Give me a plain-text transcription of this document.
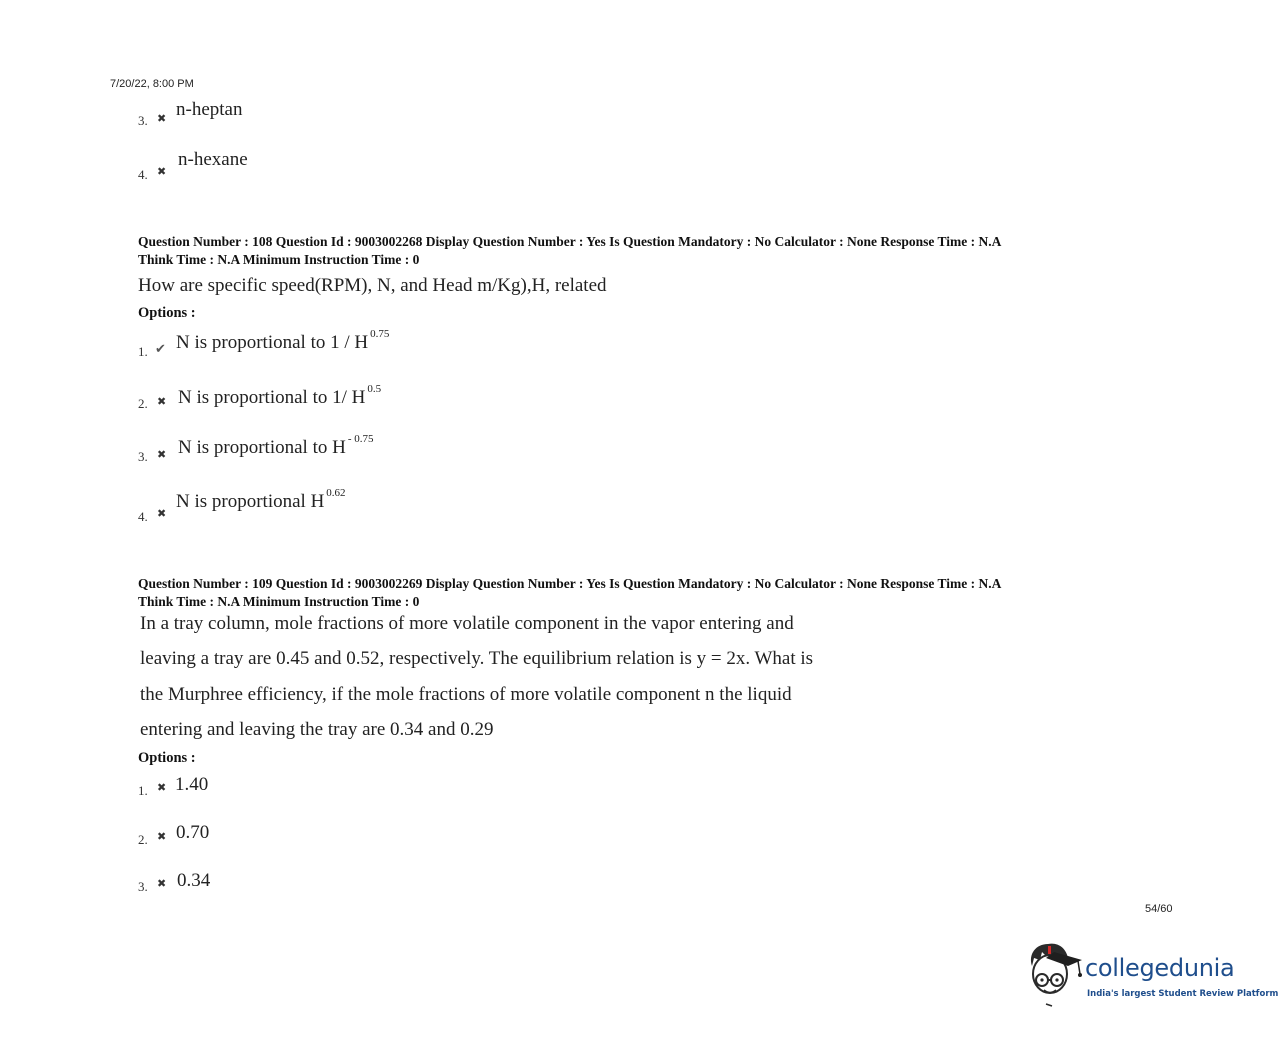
7/20/22, 8:00 PM
3. ✖ n-heptan
4. ✖
n-hexane
Question Number : 108 Question Id : 9003002268 Display Question Number : Yes Is Question Mandatory : No Calculator : None Response Time : N.A
Think Time : N.A Minimum Instruction Time : 0
How are specific speed(RPM), N, and Head m/Kg),H, related
Options :
1. ✔ N is proportional to 1 / H $^{0.75}$
2. ✖ N is proportional to 1/ H $^{0.5}$
3. ✖ N is proportional to H $^{- 0.75}$
4. ✖
N is proportional H $^{0.62}$
Question Number : 109 Question Id : 9003002269 Display Question Number : Yes Is Question Mandatory : No Calculator : None Response Time : N.A
Think Time : N.A Minimum Instruction Time : 0
In a tray column, mole fractions of more volatile component in the vapor entering and
leaving a tray are 0.45 and 0.52, respectively. The equilibrium relation is y = 2x. What is
the Murphree efficiency, if the mole fractions of more volatile component n the liquid
entering and leaving the tray are 0.34 and 0.29
Options :
1. ✖ 1.40
2. ✖ 0.70
3. ✖ 0.34
54/60
collegedunia
India's largest Student Review Platform
